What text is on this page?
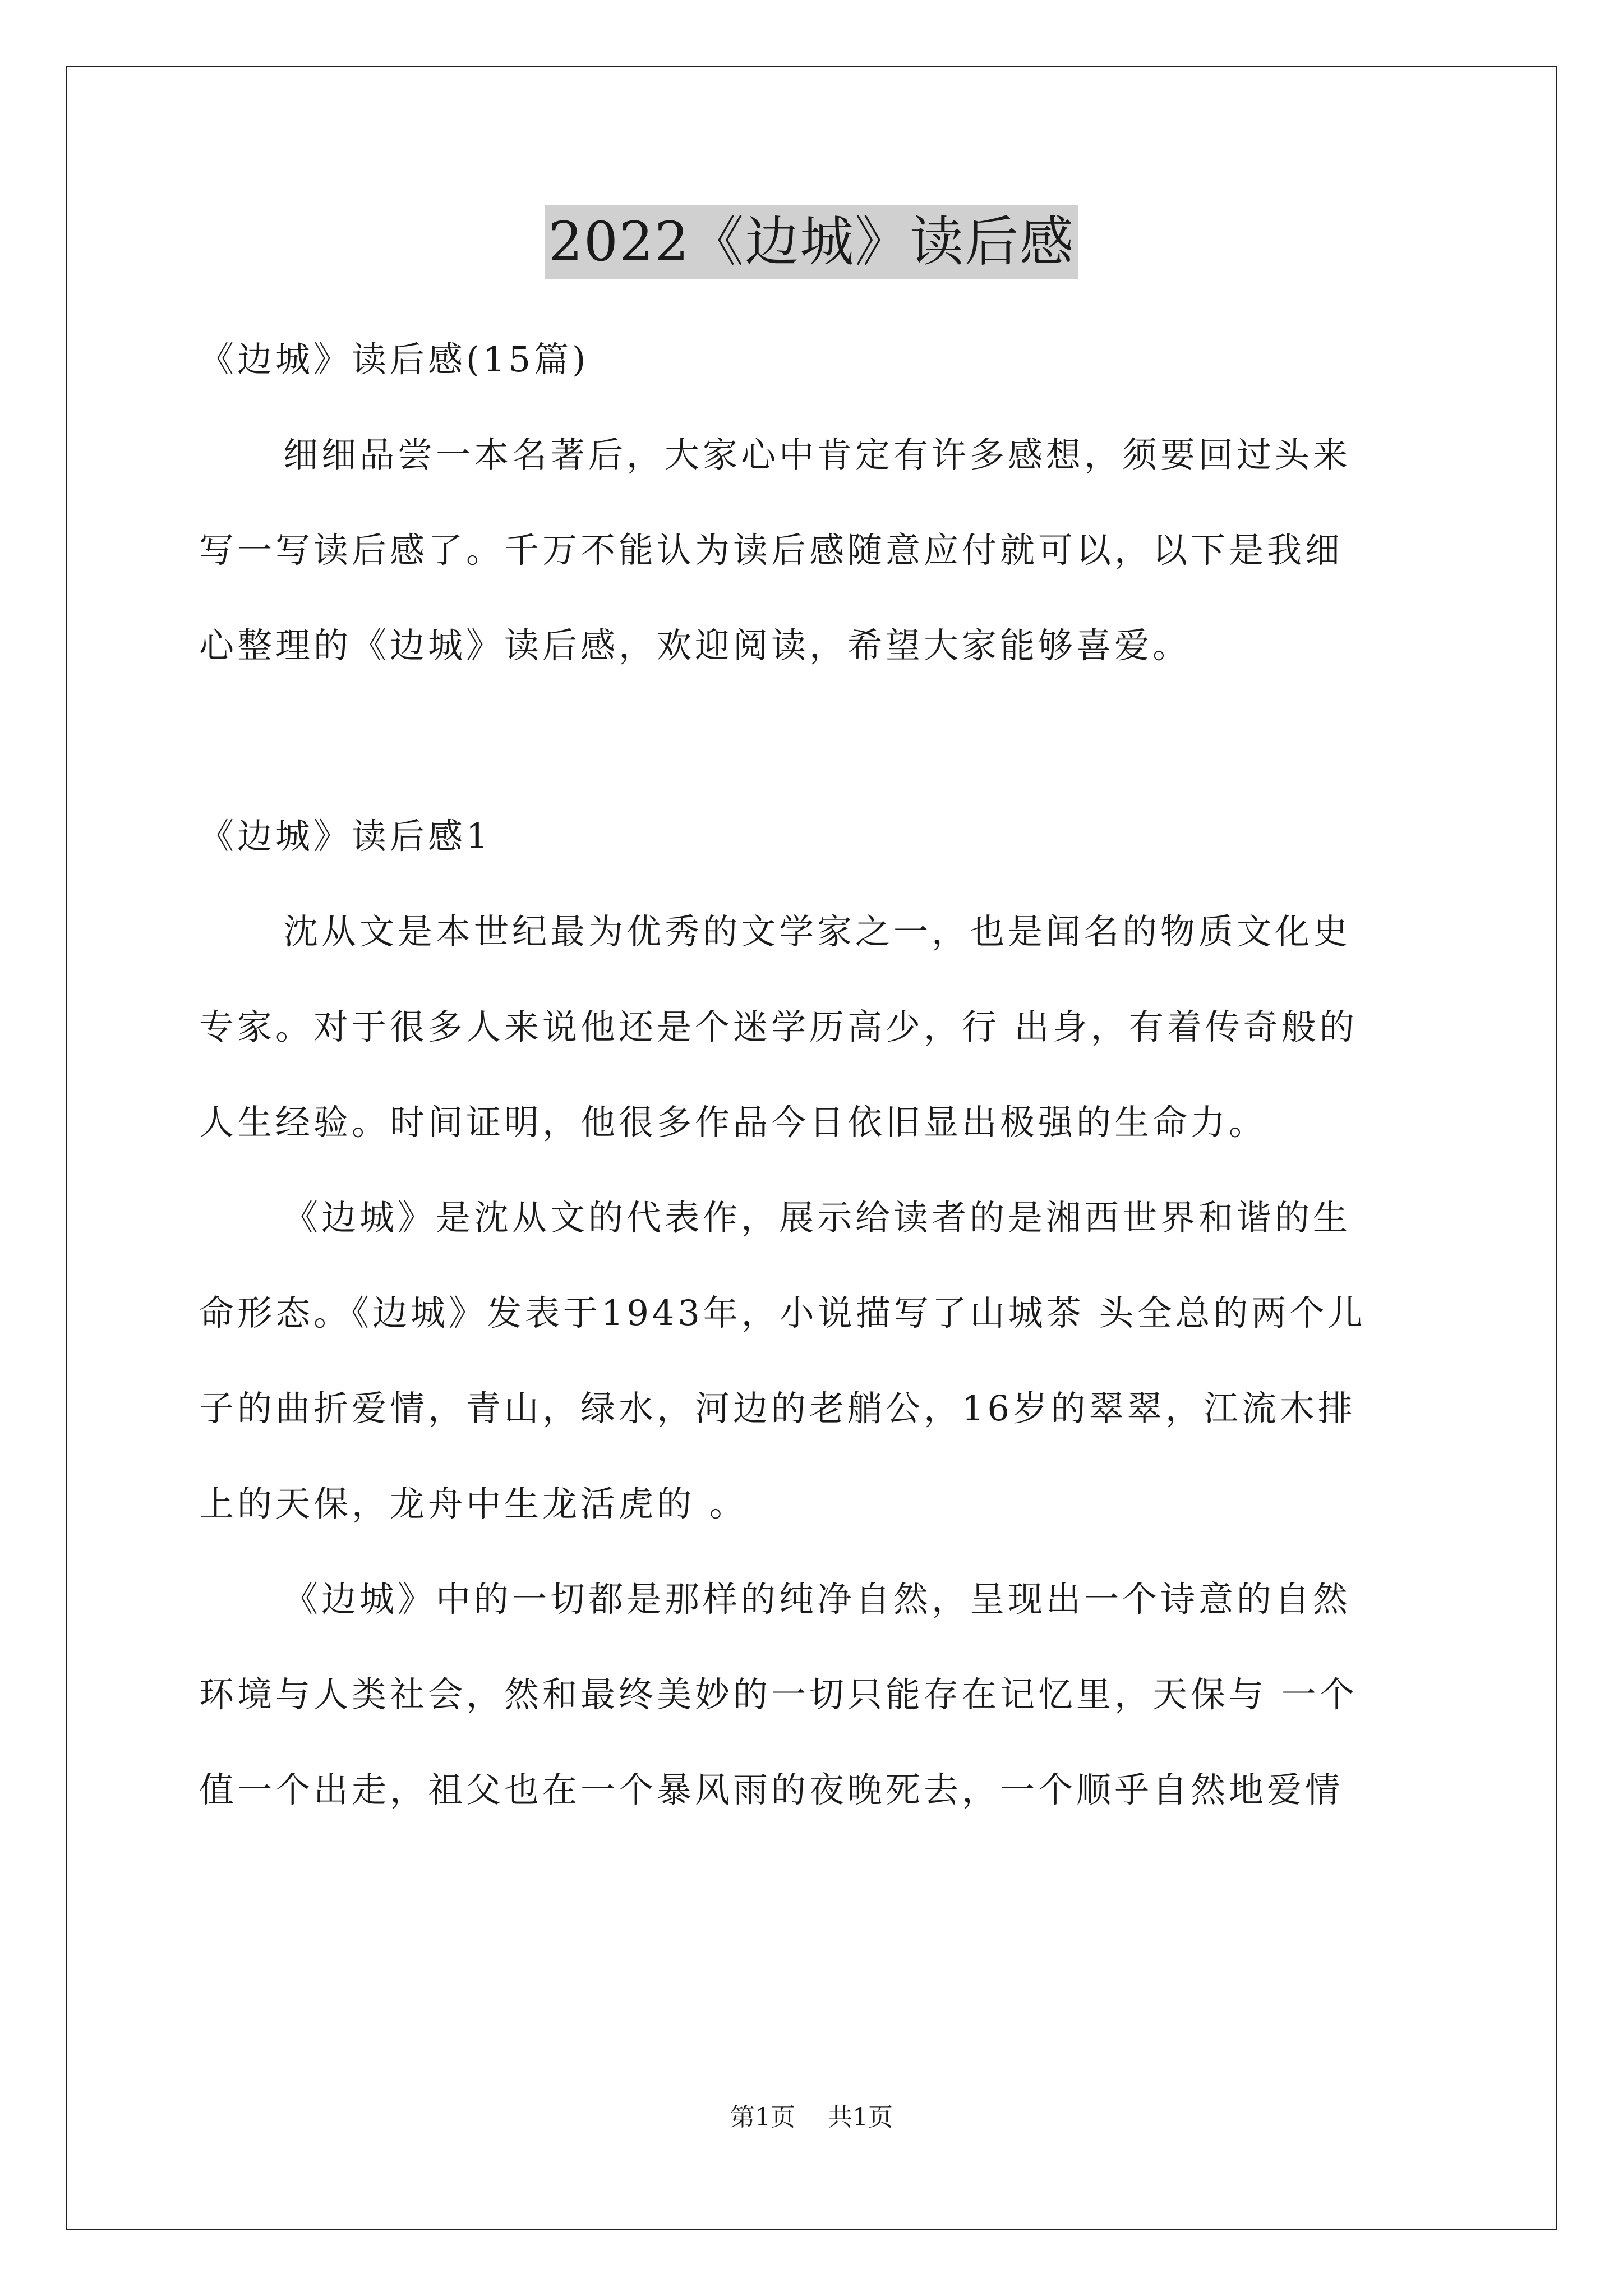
2022《边城》读后感
《边城》读后感(15篇)
细细品尝一本名著后，大家心中肯定有许多感想，须要回过头来
写一写读后感了。千万不能认为读后感随意应付就可以，以下是我细
心整理的《边城》读后感，欢迎阅读，希望大家能够喜爱。
《边城》读后感1
沈从文是本世纪最为优秀的文学家之一，也是闻名的物质文化史
专家。对于很多人来说他还是个迷学历高少，行 出身，有着传奇般的
人生经验。时间证明，他很多作品今日依旧显出极强的生命力。
《边城》是沈从文的代表作，展示给读者的是湘西世界和谐的生
命形态。《边城》发表于1943年，小说描写了山城茶 头全总的两个儿
子的曲折爱情，青山，绿水，河边的老艄公，16岁的翠翠，江流木排
上的天保，龙舟中生龙活虎的 。
《边城》中的一切都是那样的纯净自然，呈现出一个诗意的自然
环境与人类社会，然和最终美妙的一切只能存在记忆里，天保与 一个
值一个出走，祖父也在一个暴风雨的夜晚死去，一个顺乎自然地爱情
第1页 共1页
